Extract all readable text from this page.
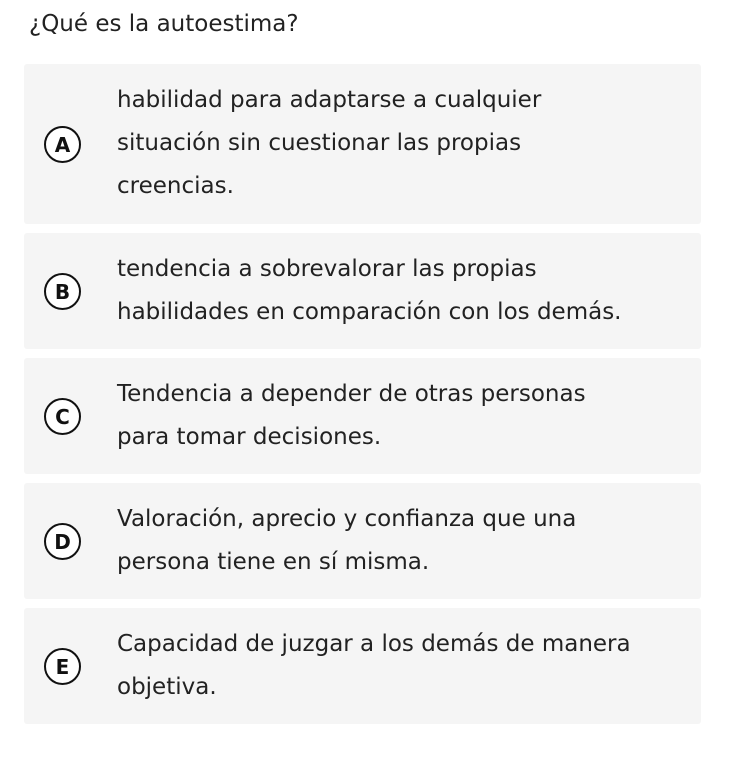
¿Qué es la autoestima?
A
habilidad para adaptarse a cualquier
situación sin cuestionar las propias
creencias.
B
tendencia a sobrevalorar las propias
habilidades en comparación con los demás.
C
Tendencia a depender de otras personas
para tomar decisiones.
D
Valoración, aprecio y confianza que una
persona tiene en sí misma.
E
Capacidad de juzgar a los demás de manera
objetiva.
